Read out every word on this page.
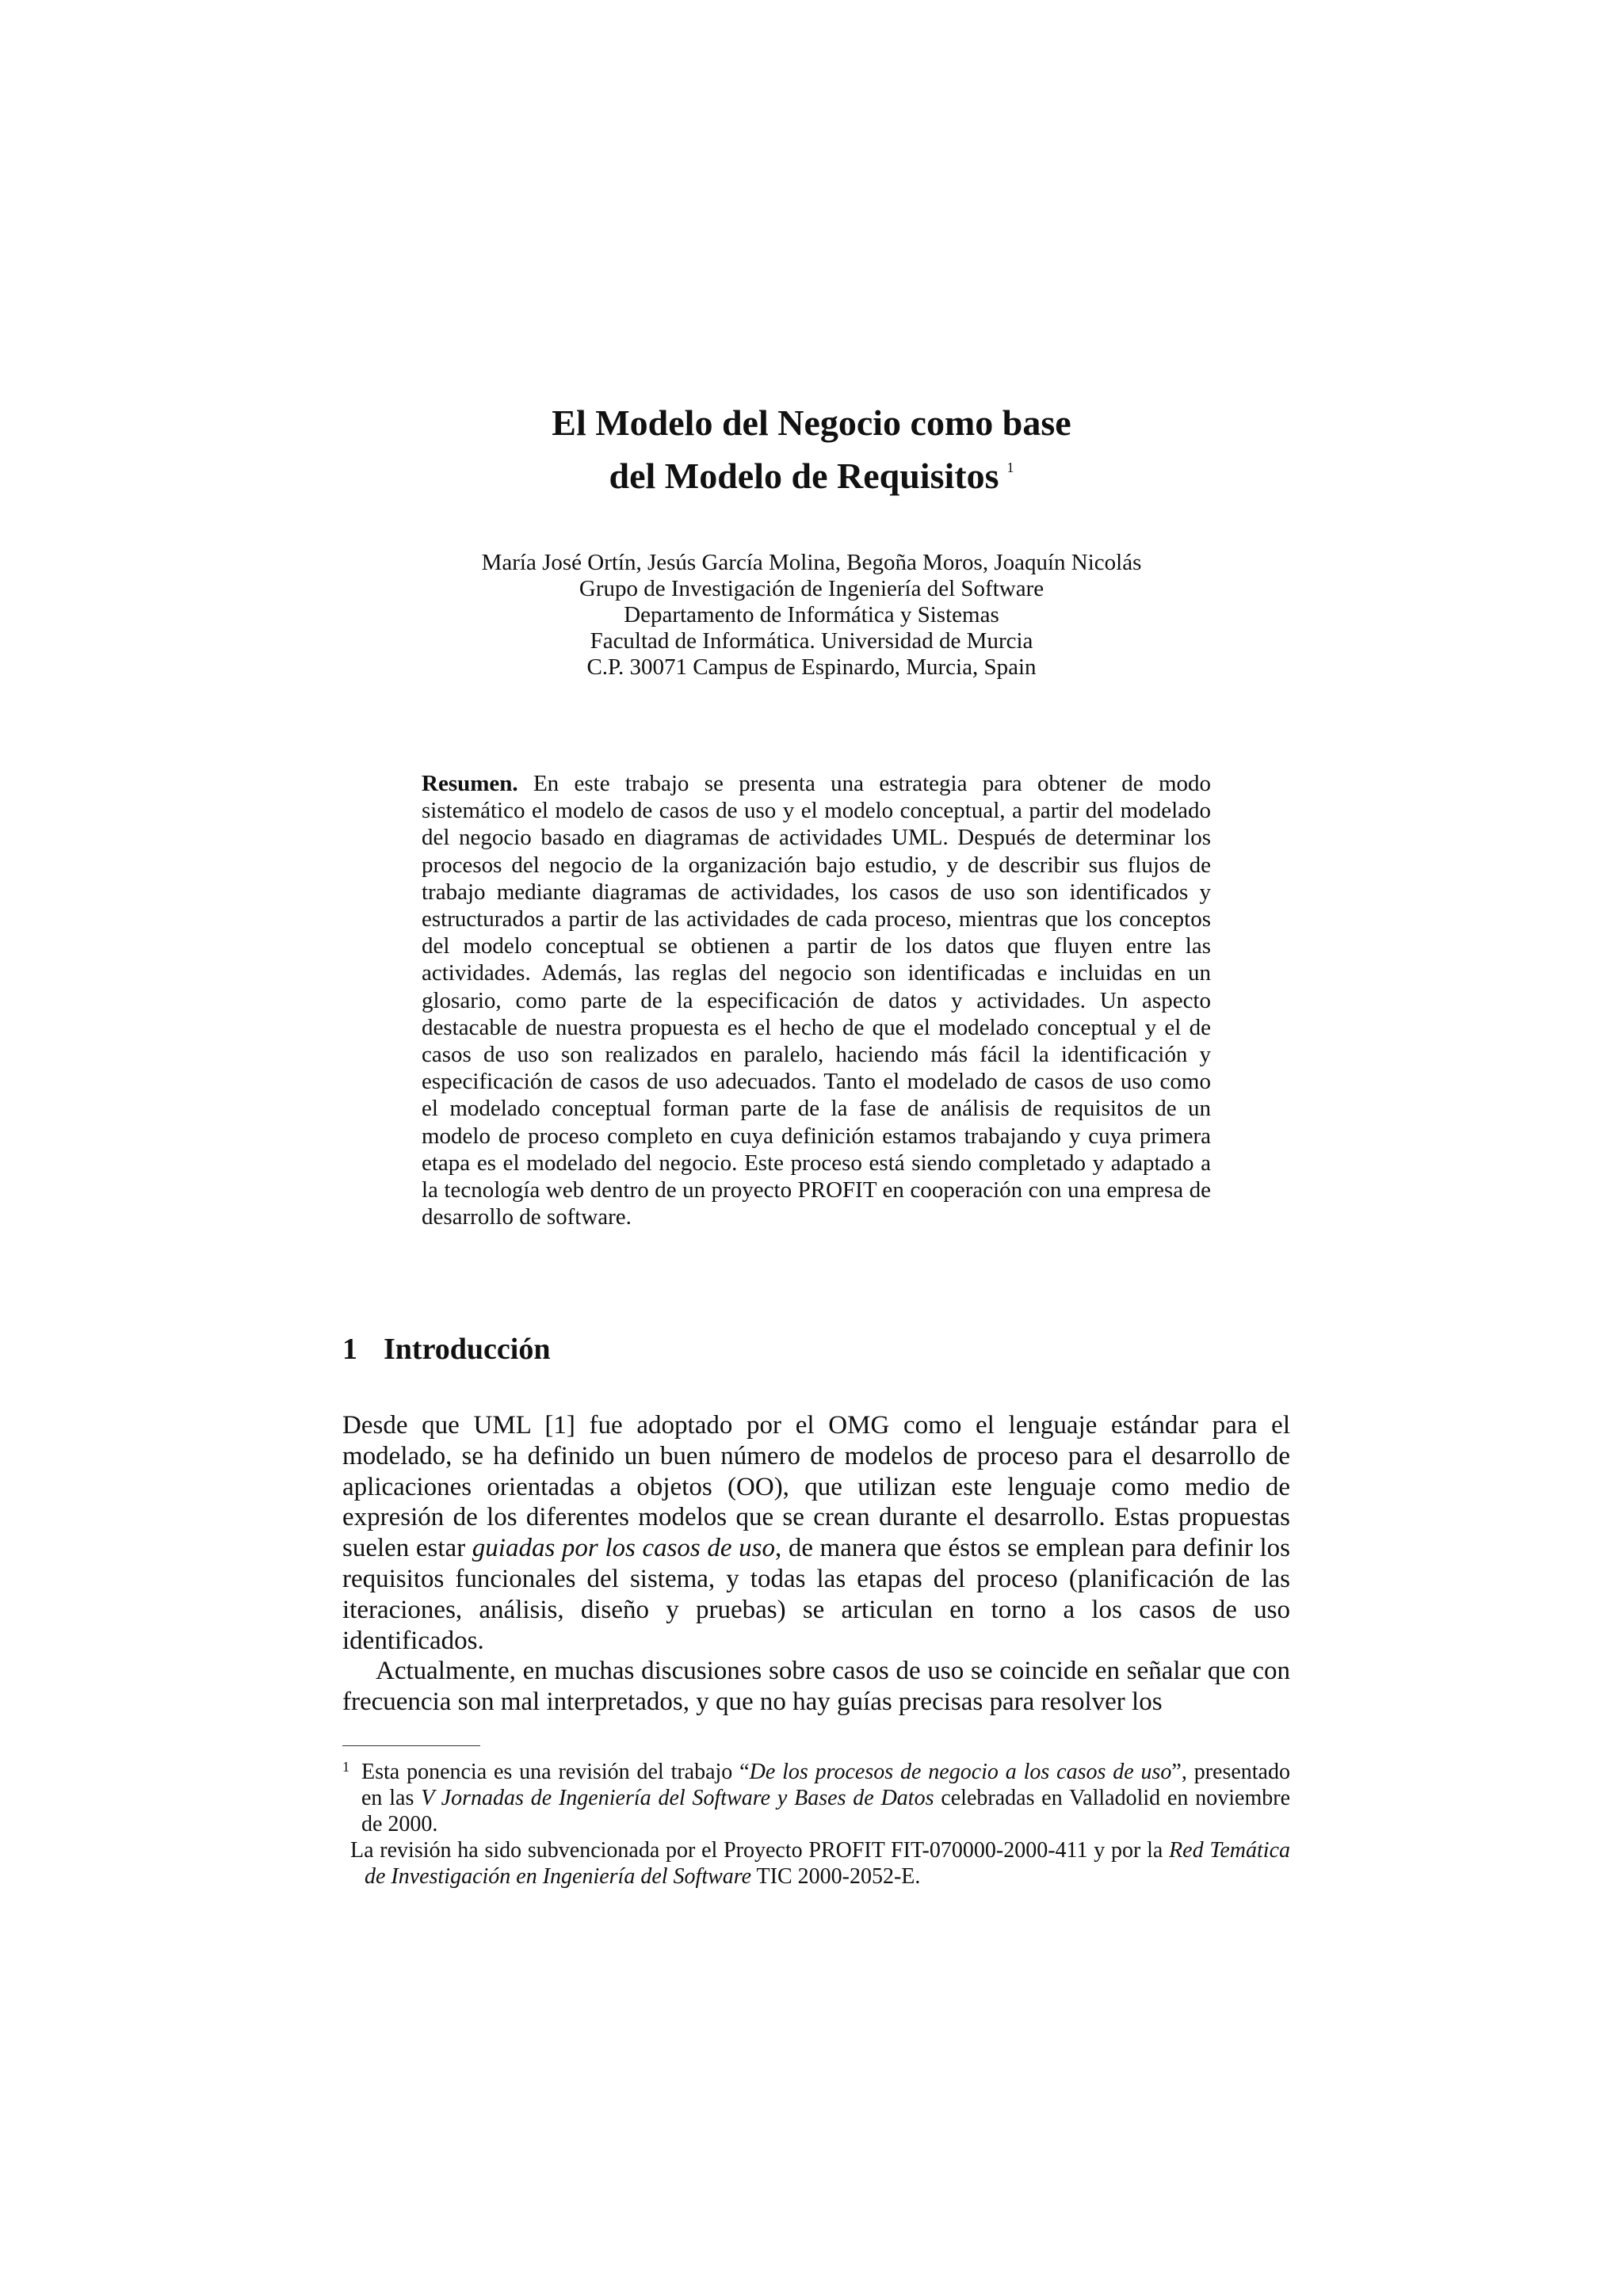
El Modelo del Negocio como base
del Modelo de Requisitos $^1$
María José Ortín, Jesús García Molina, Begoña Moros, Joaquín Nicolás
Grupo de Investigación de Ingeniería del Software
Departamento de Informática y Sistemas
Facultad de Informática. Universidad de Murcia
C.P. 30071 Campus de Espinardo, Murcia, Spain
Resumen. En este trabajo se presenta una estrategia para obtener de modo sistemático el modelo de casos de uso y el modelo conceptual, a partir del modelado del negocio basado en diagramas de actividades UML. Después de determinar los procesos del negocio de la organización bajo estudio, y de describir sus flujos de trabajo mediante diagramas de actividades, los casos de uso son identificados y estructurados a partir de las actividades de cada proceso, mientras que los conceptos del modelo conceptual se obtienen a partir de los datos que fluyen entre las actividades. Además, las reglas del negocio son identificadas e incluidas en un glosario, como parte de la especificación de datos y actividades. Un aspecto destacable de nuestra propuesta es el hecho de que el modelado conceptual y el de casos de uso son realizados en paralelo, haciendo más fácil la identificación y especificación de casos de uso adecuados. Tanto el modelado de casos de uso como el modelado conceptual forman parte de la fase de análisis de requisitos de un modelo de proceso completo en cuya definición estamos trabajando y cuya primera etapa es el modelado del negocio. Este proceso está siendo completado y adaptado a la tecnología web dentro de un proyecto PROFIT en cooperación con una empresa de desarrollo de software.
1 Introducción

Desde que UML [1] fue adoptado por el OMG como el lenguaje estándar para el modelado, se ha definido un buen número de modelos de proceso para el desarrollo de aplicaciones orientadas a objetos (OO), que utilizan este lenguaje como medio de expresión de los diferentes modelos que se crean durante el desarrollo. Estas propuestas suelen estar guiadas por los casos de uso, de manera que éstos se emplean para definir los requisitos funcionales del sistema, y todas las etapas del proceso (planificación de las iteraciones, análisis, diseño y pruebas) se articulan en torno a los casos de uso identificados.

Actualmente, en muchas discusiones sobre casos de uso se coincide en señalar que con frecuencia son mal interpretados, y que no hay guías precisas para resolver los

1 Esta ponencia es una revisión del trabajo “De los procesos de negocio a los casos de uso”, presentado en las V Jornadas de Ingeniería del Software y Bases de Datos celebradas en Valladolid en noviembre de 2000.
La revisión ha sido subvencionada por el Proyecto PROFIT FIT-070000-2000-411 y por la Red Temática de Investigación en Ingeniería del Software TIC 2000-2052-E.
